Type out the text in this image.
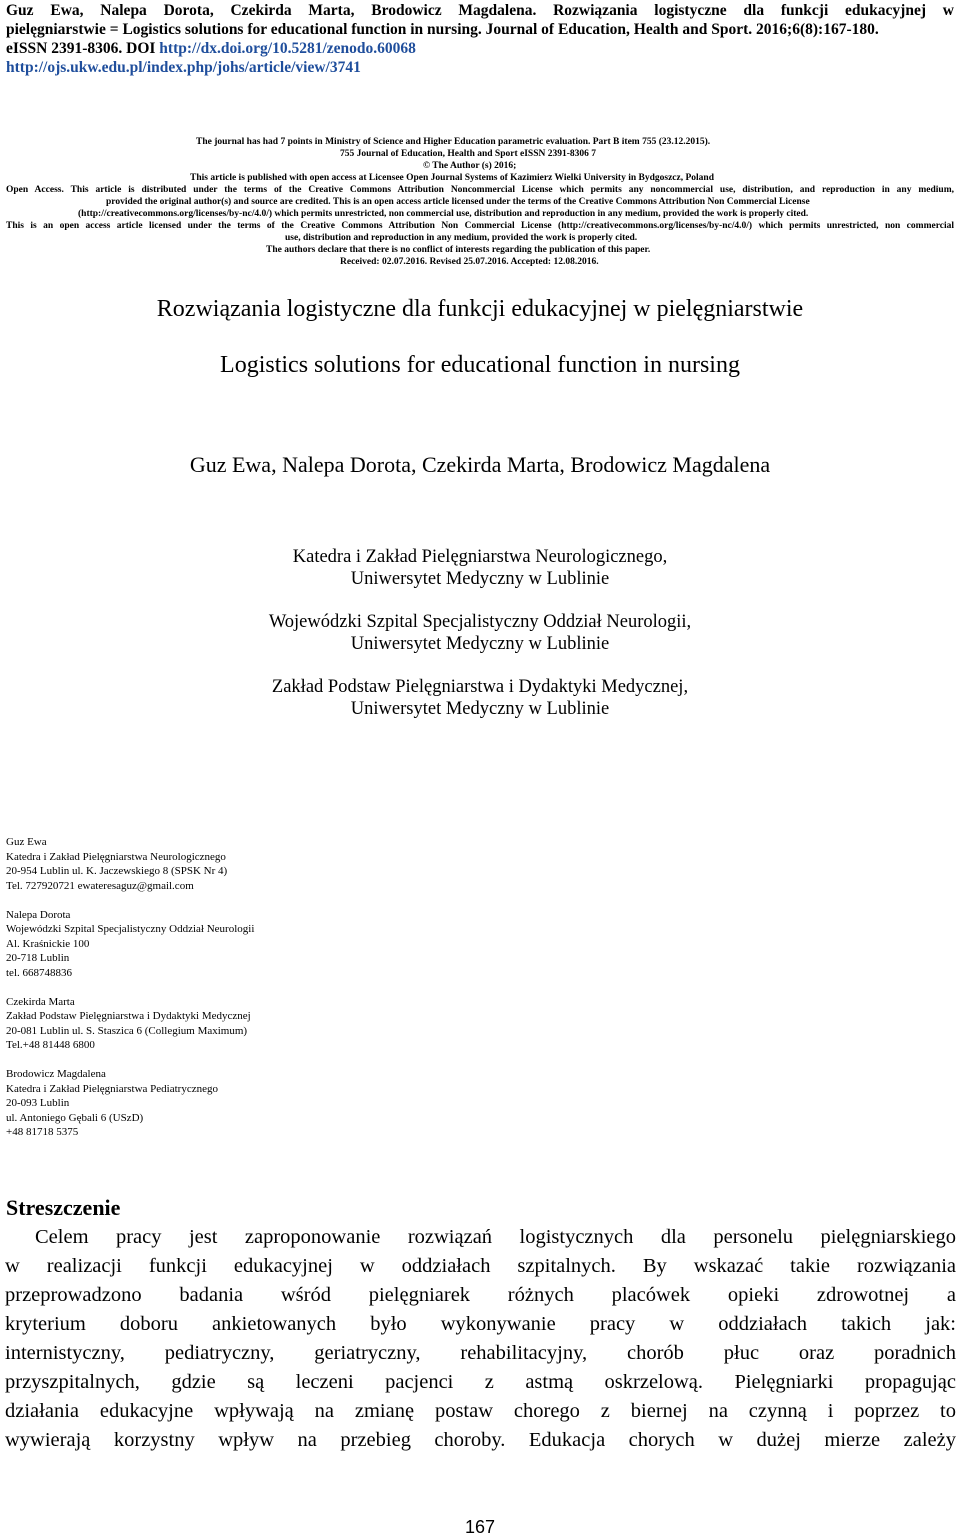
Guz Ewa, Nalepa Dorota, Czekirda Marta, Brodowicz Magdalena. Rozwiązania logistyczne dla funkcji edukacyjnej w
pielęgniarstwie = Logistics solutions for educational function in nursing. Journal of Education, Health and Sport. 2016;6(8):167-180.
eISSN 2391-8306. DOI http://dx.doi.org/10.5281/zenodo.60068
http://ojs.ukw.edu.pl/index.php/johs/article/view/3741
The journal has had 7 points in Ministry of Science and Higher Education parametric evaluation. Part B item 755 (23.12.2015).
755 Journal of Education, Health and Sport eISSN 2391-8306 7
© The Author (s) 2016;
This article is published with open access at Licensee Open Journal Systems of Kazimierz Wielki University in Bydgoszcz, Poland
Open Access. This article is distributed under the terms of the Creative Commons Attribution Noncommercial License which permits any noncommercial use, distribution, and reproduction in any medium,
provided the original author(s) and source are credited. This is an open access article licensed under the terms of the Creative Commons Attribution Non Commercial License
(http://creativecommons.org/licenses/by-nc/4.0/) which permits unrestricted, non commercial use, distribution and reproduction in any medium, provided the work is properly cited.
This is an open access article licensed under the terms of the Creative Commons Attribution Non Commercial License (http://creativecommons.org/licenses/by-nc/4.0/) which permits unrestricted, non commercial
use, distribution and reproduction in any medium, provided the work is properly cited.
The authors declare that there is no conflict of interests regarding the publication of this paper.
Received: 02.07.2016. Revised 25.07.2016. Accepted: 12.08.2016.
Rozwiązania logistyczne dla funkcji edukacyjnej w pielęgniarstwie
Logistics solutions for educational function in nursing
Guz Ewa, Nalepa Dorota, Czekirda Marta, Brodowicz Magdalena
Katedra i Zakład Pielęgniarstwa Neurologicznego,
Uniwersytet Medyczny w Lublinie
Wojewódzki Szpital Specjalistyczny Oddział Neurologii,
Uniwersytet Medyczny w Lublinie
Zakład Podstaw Pielęgniarstwa i Dydaktyki Medycznej,
Uniwersytet Medyczny w Lublinie
Guz Ewa
Katedra i Zakład Pielęgniarstwa Neurologicznego
20-954 Lublin ul. K. Jaczewskiego 8 (SPSK Nr 4)
Tel. 727920721 ewateresaguz@gmail.com
Nalepa Dorota
Wojewódzki Szpital Specjalistyczny Oddział Neurologii
Al. Kraśnickie 100
20-718 Lublin
tel. 668748836
Czekirda Marta
Zakład Podstaw Pielęgniarstwa i Dydaktyki Medycznej
20-081 Lublin ul. S. Staszica 6 (Collegium Maximum)
Tel.+48 81448 6800
Brodowicz Magdalena
Katedra i Zakład Pielęgniarstwa Pediatrycznego
20-093 Lublin
ul. Antoniego Gębali 6 (USzD)
+48 81718 5375
Streszczenie
Celem pracy jest zaproponowanie rozwiązań logistycznych dla personelu pielęgniarskiego
w realizacji funkcji edukacyjnej w oddziałach szpitalnych. By wskazać takie rozwiązania
przeprowadzono badania wśród pielęgniarek różnych placówek opieki zdrowotnej a
kryterium doboru ankietowanych było wykonywanie pracy w oddziałach takich jak:
internistyczny, pediatryczny, geriatryczny, rehabilitacyjny, chorób płuc oraz poradnich
przyszpitalnych, gdzie są leczeni pacjenci z astmą oskrzelową. Pielęgniarki propagując
działania edukacyjne wpływają na zmianę postaw chorego z biernej na czynną i poprzez to
wywierają korzystny wpływ na przebieg choroby. Edukacja chorych w dużej mierze zależy
167
